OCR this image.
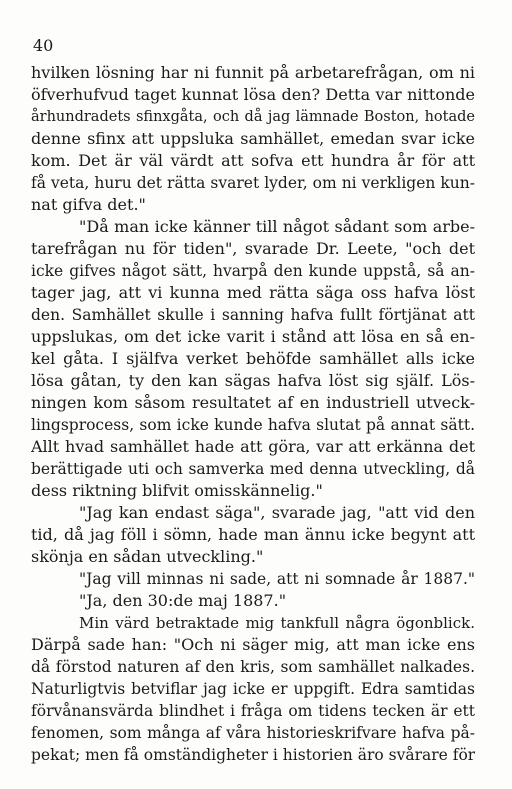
40
hvilken lösning har ni funnit på arbetarefrågan, om ni
öfverhufvud taget kunnat lösa den? Detta var nittonde
århundradets sfinxgåta, och då jag lämnade Boston, hotade
denne sfinx att uppsluka samhället, emedan svar icke
kom. Det är väl värdt att sofva ett hundra år för att
få veta, huru det rätta svaret lyder, om ni verkligen kun-
nat gifva det."
"Då man icke känner till något sådant som arbe-
tarefrågan nu för tiden", svarade Dr. Leete, "och det
icke gifves något sätt, hvarpå den kunde uppstå, så an-
tager jag, att vi kunna med rätta säga oss hafva löst
den. Samhället skulle i sanning hafva fullt förtjänat att
uppslukas, om det icke varit i stånd att lösa en så en-
kel gåta. I själfva verket behöfde samhället alls icke
lösa gåtan, ty den kan sägas hafva löst sig själf. Lös-
ningen kom såsom resultatet af en industriell utveck-
lingsprocess, som icke kunde hafva slutat på annat sätt.
Allt hvad samhället hade att göra, var att erkänna det
berättigade uti och samverka med denna utveckling, då
dess riktning blifvit omisskännelig."
"Jag kan endast säga", svarade jag, "att vid den
tid, då jag föll i sömn, hade man ännu icke begynt att
skönja en sådan utveckling."
"Jag vill minnas ni sade, att ni somnade år 1887."
"Ja, den 30:de maj 1887."
Min värd betraktade mig tankfull några ögonblick.
Därpå sade han: "Och ni säger mig, att man icke ens
då förstod naturen af den kris, som samhället nalkades.
Naturligtvis betviflar jag icke er uppgift. Edra samtidas
förvånansvärda blindhet i fråga om tidens tecken är ett
fenomen, som många af våra historieskrifvare hafva på-
pekat; men få omständigheter i historien äro svårare för
